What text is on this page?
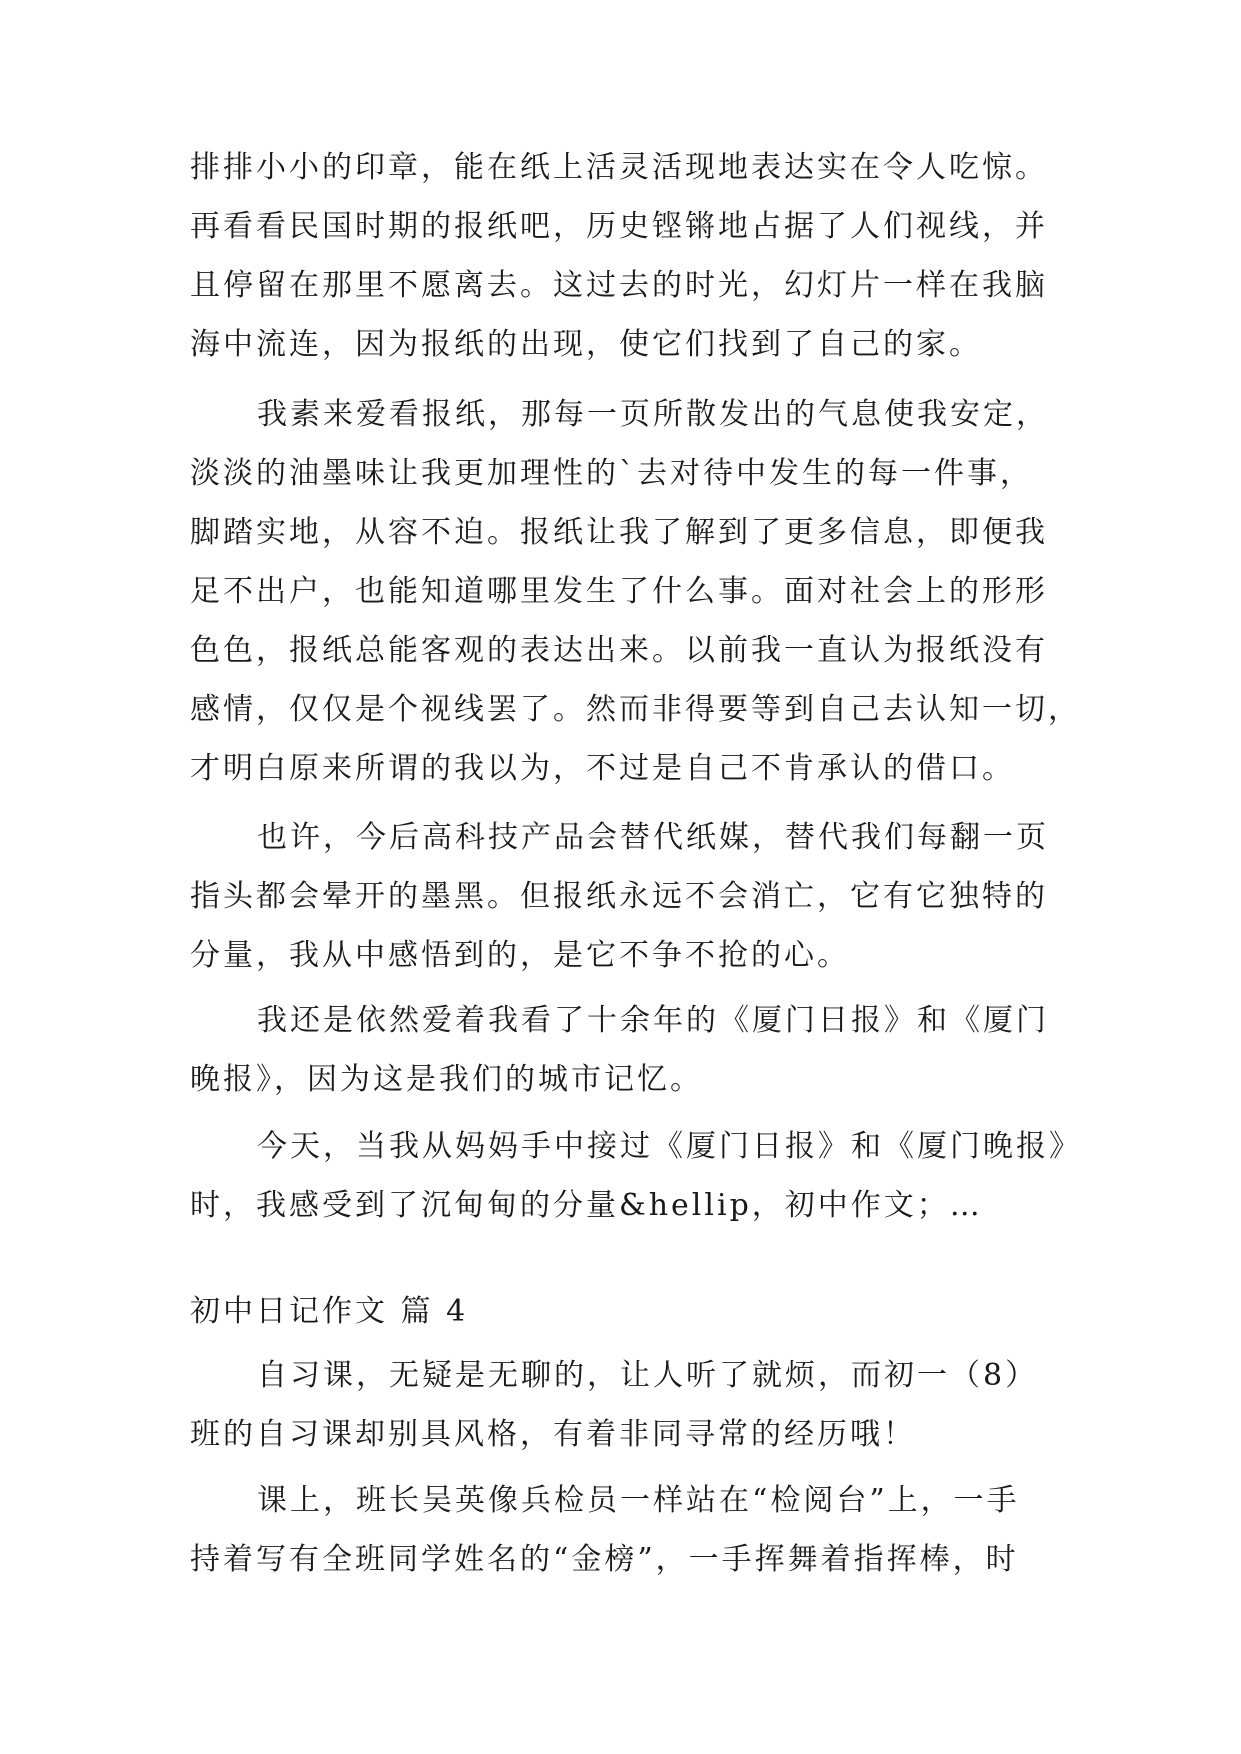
排排小小的印章，能在纸上活灵活现地表达实在令人吃惊。
再看看民国时期的报纸吧，历史铿锵地占据了人们视线，并
且停留在那里不愿离去。这过去的时光，幻灯片一样在我脑
海中流连，因为报纸的出现，使它们找到了自己的家。
我素来爱看报纸，那每一页所散发出的气息使我安定，
淡淡的油墨味让我更加理性的`去对待中发生的每一件事，
脚踏实地，从容不迫。报纸让我了解到了更多信息，即便我
足不出户，也能知道哪里发生了什么事。面对社会上的形形
色色，报纸总能客观的表达出来。以前我一直认为报纸没有
感情，仅仅是个视线罢了。然而非得要等到自己去认知一切，
才明白原来所谓的我以为，不过是自己不肯承认的借口。
也许，今后高科技产品会替代纸媒，替代我们每翻一页
指头都会晕开的墨黑。但报纸永远不会消亡，它有它独特的
分量，我从中感悟到的，是它不争不抢的心。
我还是依然爱着我看了十余年的《厦门日报》和《厦门
晚报》，因为这是我们的城市记忆。
今天，当我从妈妈手中接过《厦门日报》和《厦门晚报》
时，我感受到了沉甸甸的分量&hellip，初中作文；…
初中日记作文 篇 4
自习课，无疑是无聊的，让人听了就烦，而初一（8）
班的自习课却别具风格，有着非同寻常的经历哦！
课上，班长吴英像兵检员一样站在“检阅台”上，一手
持着写有全班同学姓名的“金榜”，一手挥舞着指挥棒，时
